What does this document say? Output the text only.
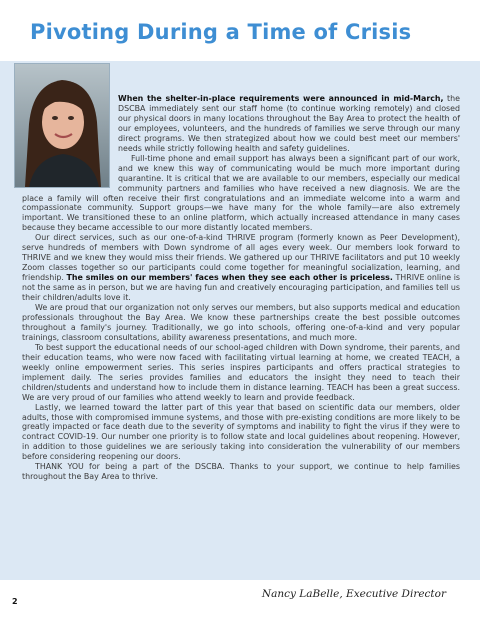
Pivoting During a Time of Crisis

When the shelter-in-place requirements were announced in mid-March, the DSCBA immediately sent our staff home (to continue working remotely) and closed our physical doors in many locations throughout the Bay Area to protect the health of our employees, volunteers, and the hundreds of families we serve through our many direct programs. We then strategized about how we could best meet our members' needs while strictly following health and safety guidelines.

Full-time phone and email support has always been a significant part of our work, and we knew this way of communicating would be much more important during quarantine. It is critical that we are available to our members, especially our medical community partners and families who have received a new diagnosis. We are the place a family will often receive their first congratulations and an immediate welcome into a warm and compassionate community. Support groups—we have many for the whole family—are also extremely important. We transitioned these to an online platform, which actually increased attendance in many cases because they became accessible to our more distantly located members.

Our direct services, such as our one-of-a-kind THRIVE program (formerly known as Peer Development), serve hundreds of members with Down syndrome of all ages every week. Our members look forward to THRIVE and we knew they would miss their friends. We gathered up our THRIVE facilitators and put 10 weekly Zoom classes together so our participants could come together for meaningful socialization, learning, and friendship. The smiles on our members' faces when they see each other is priceless. THRIVE online is not the same as in person, but we are having fun and creatively encouraging participation, and families tell us their children/adults love it.

We are proud that our organization not only serves our members, but also supports medical and education professionals throughout the Bay Area. We know these partnerships create the best possible outcomes throughout a family's journey. Traditionally, we go into schools, offering one-of-a-kind and very popular trainings, classroom consultations, ability awareness presentations, and much more.

To best support the educational needs of our school-aged children with Down syndrome, their parents, and their education teams, who were now faced with facilitating virtual learning at home, we created TEACH, a weekly online empowerment series. This series inspires participants and offers practical strategies to implement daily. The series provides families and educators the insight they need to teach their children/students and understand how to include them in distance learning. TEACH has been a great success. We are very proud of our families who attend weekly to learn and provide feedback.

Lastly, we learned toward the latter part of this year that based on scientific data our members, older adults, those with compromised immune systems, and those with pre-existing conditions are more likely to be greatly impacted or face death due to the severity of symptoms and inability to fight the virus if they were to contract COVID-19. Our number one priority is to follow state and local guidelines about reopening. However, in addition to those guidelines we are seriously taking into consideration the vulnerability of our members before considering reopening our doors.

THANK YOU for being a part of the DSCBA. Thanks to your support, we continue to help families throughout the Bay Area to thrive.

2
Nancy LaBelle, Executive Director
